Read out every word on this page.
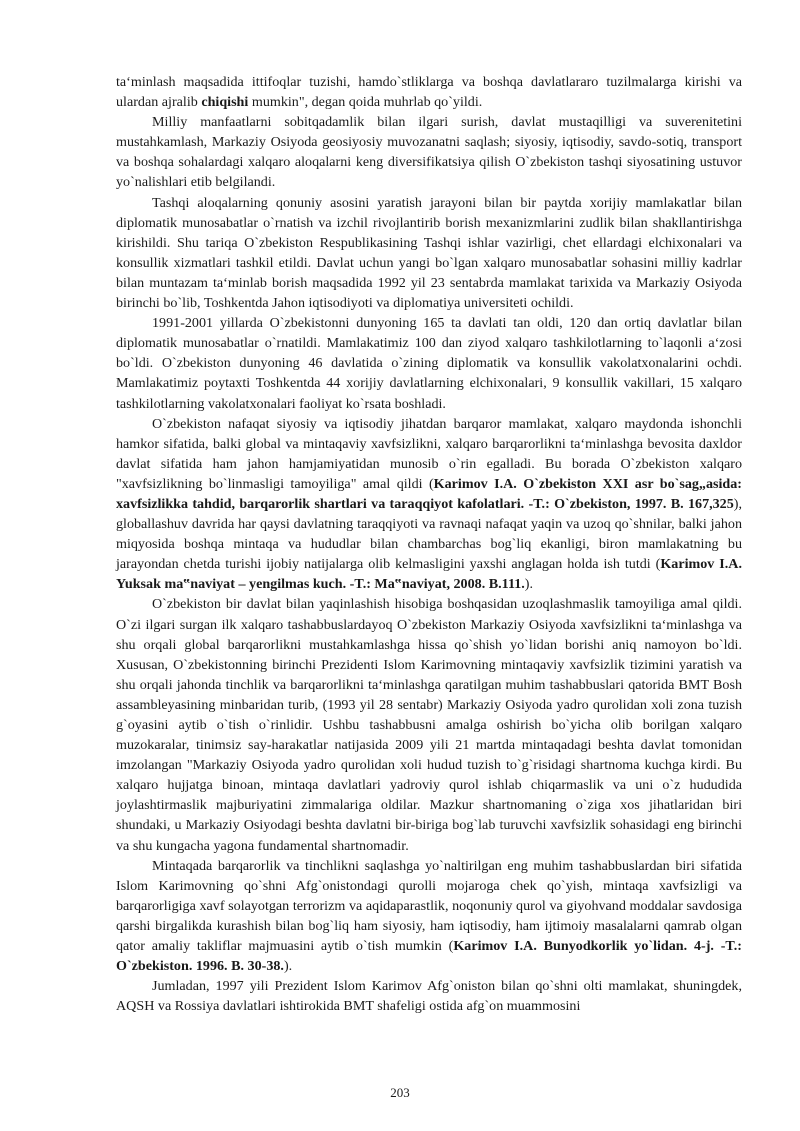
ta‘minlash maqsadida ittifoqlar tuzishi, hamdo`stliklarga va boshqa davlatlararo tuzilmalarga kirishi va ulardan ajralib chiqishi mumkin", degan qoida muhrlab qo`yildi.

Milliy manfaatlarni sobitqadamlik bilan ilgari surish, davlat mustaqilligi va suverenitetini mustahkamlash, Markaziy Osiyoda geosiyosiy muvozanatni saqlash; siyosiy, iqtisodiy, savdo-sotiq, transport va boshqa sohalardagi xalqaro aloqalarni keng diversifikatsiya qilish O`zbekiston tashqi siyosatining ustuvor yo`nalishlari etib belgilandi.

Tashqi aloqalarning qonuniy asosini yaratish jarayoni bilan bir paytda xorijiy mamlakatlar bilan diplomatik munosabatlar o`rnatish va izchil rivojlantirib borish mexanizmlarini zudlik bilan shakllantirishga kirishildi. Shu tariqa O`zbekiston Respublikasining Tashqi ishlar vazirligi, chet ellardagi elchixonalari va konsullik xizmatlari tashkil etildi. Davlat uchun yangi bo`lgan xalqaro munosabatlar sohasini milliy kadrlar bilan muntazam ta‘minlab borish maqsadida 1992 yil 23 sentabrda mamlakat tarixida va Markaziy Osiyoda birinchi bo`lib, Toshkentda Jahon iqtisodiyoti va diplomatiya universiteti ochildi.

1991-2001 yillarda O`zbekistonni dunyoning 165 ta davlati tan oldi, 120 dan ortiq davlatlar bilan diplomatik munosabatlar o`rnatildi. Mamlakatimiz 100 dan ziyod xalqaro tashkilotlarning to`laqonli a‘zosi bo`ldi. O`zbekiston dunyoning 46 davlatida o`zining diplomatik va konsullik vakolatxonalarini ochdi. Mamlakatimiz poytaxti Toshkentda 44 xorijiy davlatlarning elchixonalari, 9 konsullik vakillari, 15 xalqaro tashkilotlarning vakolatxonalari faoliyat ko`rsata boshladi.

O`zbekiston nafaqat siyosiy va iqtisodiy jihatdan barqaror mamlakat, xalqaro maydonda ishonchli hamkor sifatida, balki global va mintaqaviy xavfsizlikni, xalqaro barqarorlikni ta‘minlashga bevosita daxldor davlat sifatida ham jahon hamjamiyatidan munosib o`rin egalladi. Bu borada O`zbekiston xalqaro "xavfsizlikning bo`linmasligi tamoyiliga" amal qildi (Karimov I.A. O`zbekiston XXI asr bo`sag„asida: xavfsizlikka tahdid, barqarorlik shartlari va taraqqiyot kafolatlari. -T.: O`zbekiston, 1997. B. 167,325), globallashuv davrida har qaysi davlatning taraqqiyoti va ravnaqi nafaqat yaqin va uzoq qo`shnilar, balki jahon miqyosida boshqa mintaqa va hududlar bilan chambarchas bog`liq ekanligi, biron mamlakatning bu jarayondan chetda turishi ijobiy natijalarga olib kelmasligini yaxshi anglagan holda ish tutdi (Karimov I.A. Yuksak ma‟naviyat – yengilmas kuch. -T.: Ma‟naviyat, 2008. B.111.).

O`zbekiston bir davlat bilan yaqinlashish hisobiga boshqasidan uzoqlashmaslik tamoyiliga amal qildi. O`zi ilgari surgan ilk xalqaro tashabbuslardayoq O`zbekiston Markaziy Osiyoda xavfsizlikni ta‘minlashga va shu orqali global barqarorlikni mustahkamlashga hissa qo`shish yo`lidan borishi aniq namoyon bo`ldi. Xususan, O`zbekistonning birinchi Prezidenti Islom Karimovning mintaqaviy xavfsizlik tizimini yaratish va shu orqali jahonda tinchlik va barqarorlikni ta‘minlashga qaratilgan muhim tashabbuslari qatorida BMT Bosh assambleyasining minbaridan turib, (1993 yil 28 sentabr) Markaziy Osiyoda yadro qurolidan xoli zona tuzish g`oyasini aytib o`tish o`rinlidir. Ushbu tashabbusni amalga oshirish bo`yicha olib borilgan xalqaro muzokaralar, tinimsiz say-harakatlar natijasida 2009 yili 21 martda mintaqadagi beshta davlat tomonidan imzolangan "Markaziy Osiyoda yadro qurolidan xoli hudud tuzish to`g`risidagi shartnoma kuchga kirdi. Bu xalqaro hujjatga binoan, mintaqa davlatlari yadroviy qurol ishlab chiqarmaslik va uni o`z hududida joylashtirmaslik majburiyatini zimmalariga oldilar. Mazkur shartnomaning o`ziga xos jihatlaridan biri shundaki, u Markaziy Osiyodagi beshta davlatni bir-biriga bog`lab turuvchi xavfsizlik sohasidagi eng birinchi va shu kungacha yagona fundamental shartnomadir.

Mintaqada barqarorlik va tinchlikni saqlashga yo`naltirilgan eng muhim tashabbuslardan biri sifatida Islom Karimovning qo`shni Afg`onistondagi qurolli mojaroga chek qo`yish, mintaqa xavfsizligi va barqarorligiga xavf solayotgan terrorizm va aqidaparastlik, noqonuniy qurol va giyohvand moddalar savdosiga qarshi birgalikda kurashish bilan bog`liq ham siyosiy, ham iqtisodiy, ham ijtimoiy masalalarni qamrab olgan qator amaliy takliflar majmuasini aytib o`tish mumkin (Karimov I.A. Bunyodkorlik yo`lidan. 4-j. -T.: O`zbekiston. 1996. B. 30-38.).

Jumladan, 1997 yili Prezident Islom Karimov Afg`oniston bilan qo`shni olti mamlakat, shuningdek, AQSH va Rossiya davlatlari ishtirokida BMT shafeligi ostida afg`on muammosini

203
